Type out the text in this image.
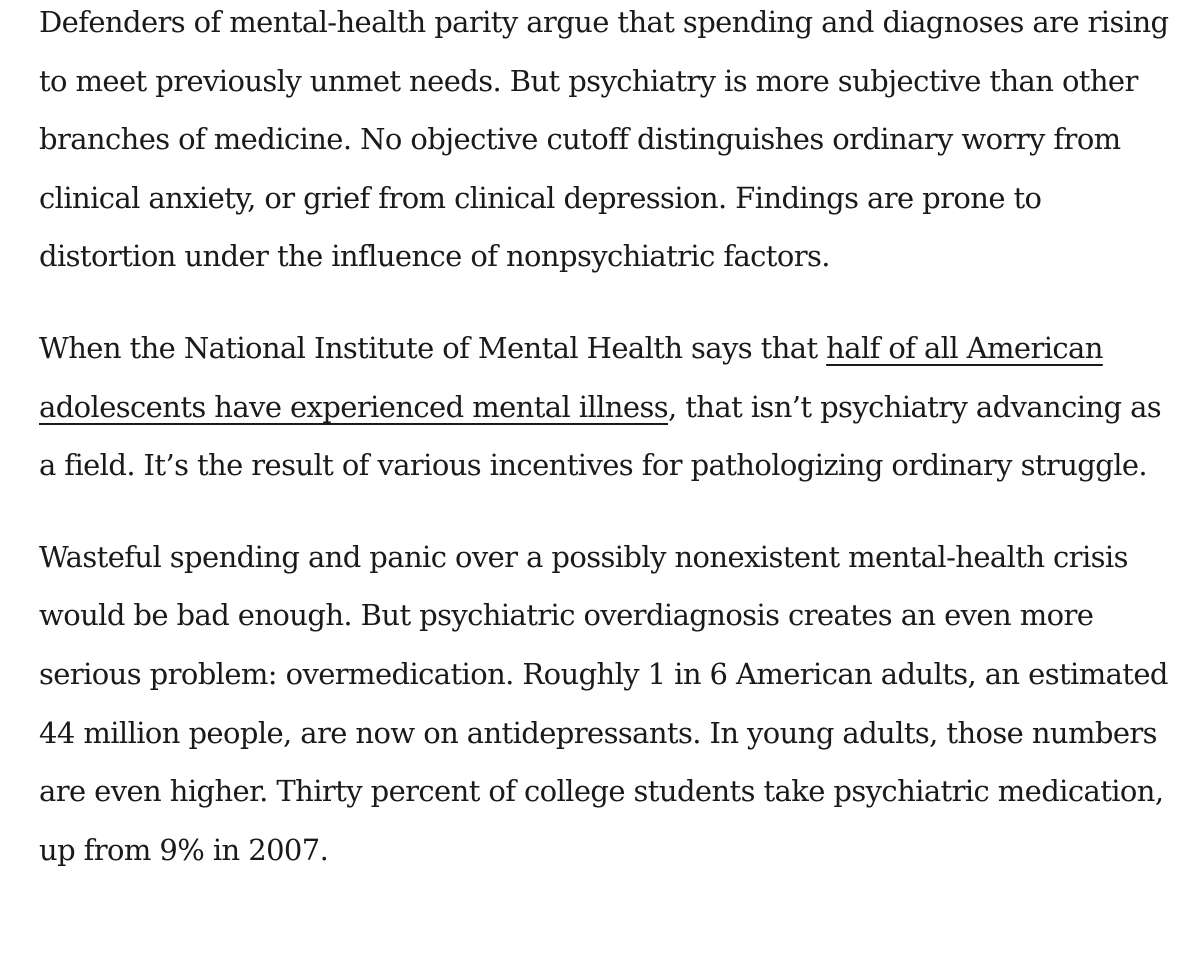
Defenders of mental-health parity argue that spending and diagnoses are rising to meet previously unmet needs. But psychiatry is more subjective than other branches of medicine. No objective cutoff distinguishes ordinary worry from clinical anxiety, or grief from clinical depression. Findings are prone to distortion under the influence of nonpsychiatric factors.

When the National Institute of Mental Health says that half of all American adolescents have experienced mental illness, that isn’t psychiatry advancing as a field. It’s the result of various incentives for pathologizing ordinary struggle.

Wasteful spending and panic over a possibly nonexistent mental-health crisis would be bad enough. But psychiatric overdiagnosis creates an even more serious problem: overmedication. Roughly 1 in 6 American adults, an estimated 44 million people, are now on antidepressants. In young adults, those numbers are even higher. Thirty percent of college students take psychiatric medication, up from 9% in 2007.
